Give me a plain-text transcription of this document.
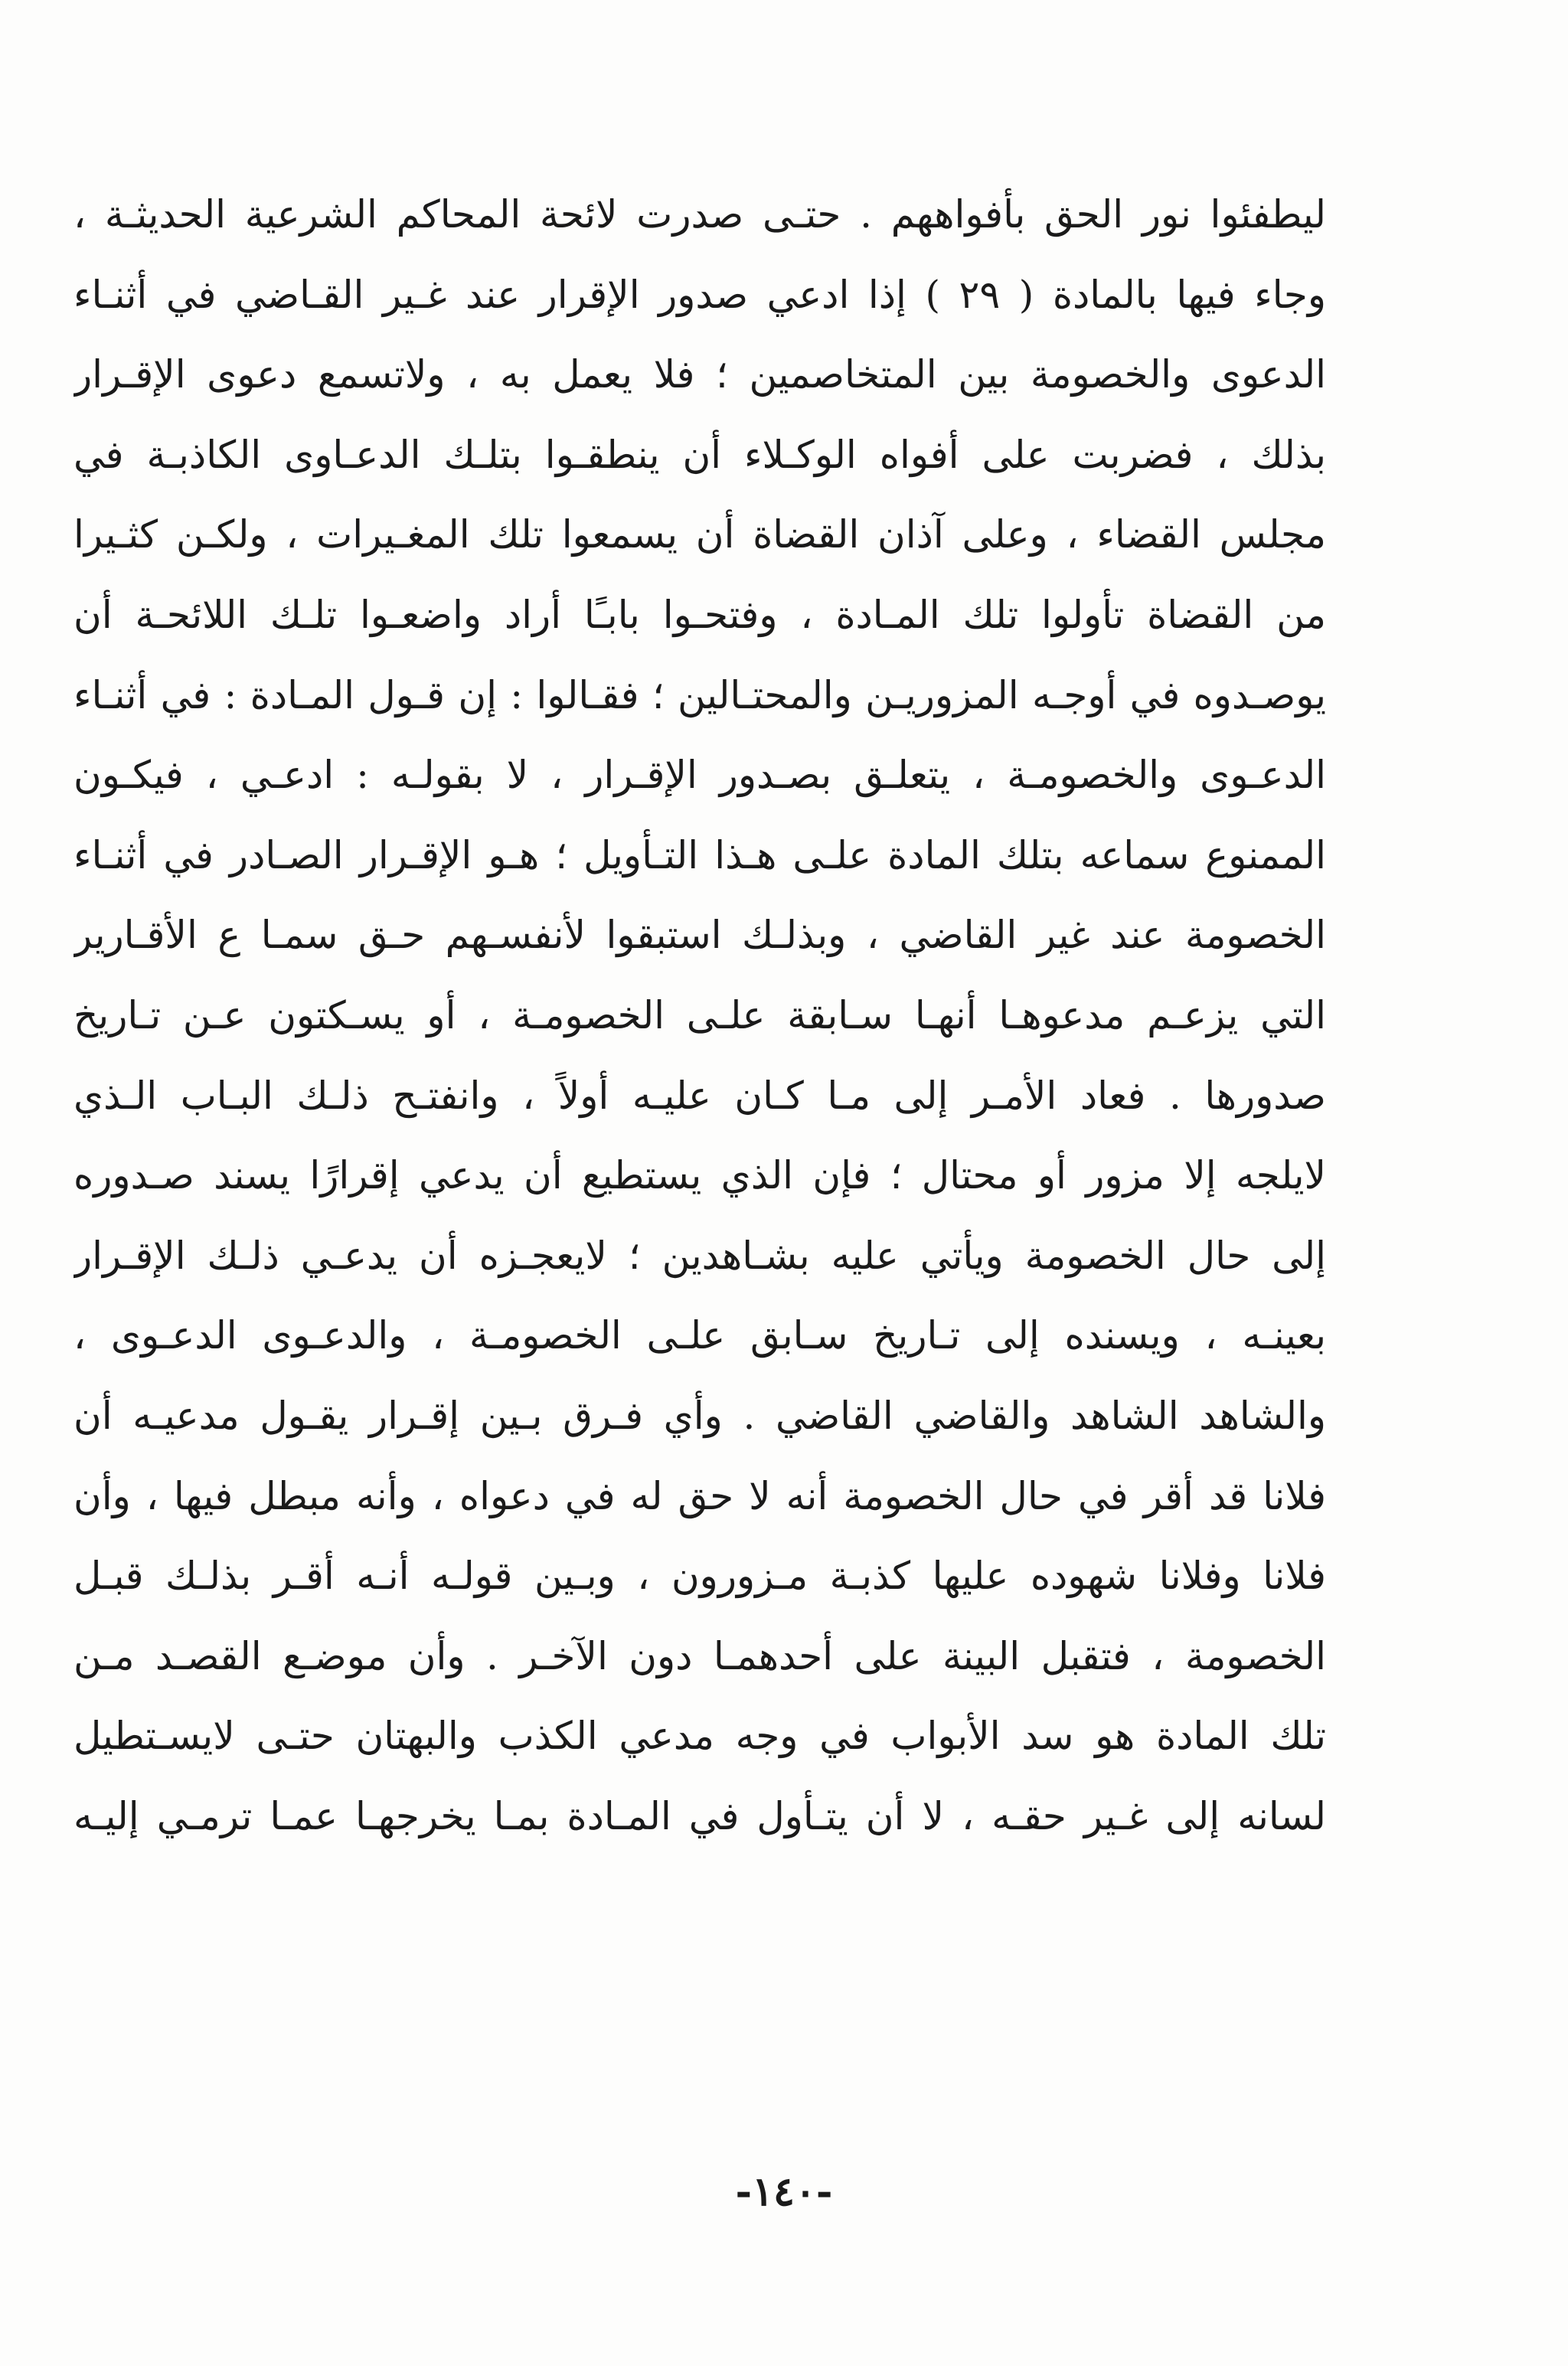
ليطفئوا نور الحق بأفواههم . حتـى صدرت لائحة المحاكم الشرعية الحديثـة ،
وجاء فيها بالمادة ( ٢٩ ) إذا ادعي صدور الإقرار عند غـير القـاضي في أثنـاء
الدعوى والخصومة بين المتخاصمين ؛ فلا يعمل به ، ولاتسمع دعوى الإقـرار
بذلك ، فضربت على أفواه الوكـلاء أن ينطقـوا بتلـك الدعـاوى الكاذبـة في
مجلس القضاء ، وعلى آذان القضاة أن يسمعوا تلك المغـيرات ، ولكـن كثـيرا
من القضاة تأولوا تلك المـادة ، وفتحـوا بابـًا أراد واضعـوا تلـك اللائحـة أن
يوصـدوه في أوجـه المزوريـن والمحتـالين ؛ فقـالوا : إن قـول المـادة : في أثنـاء
الدعـوى والخصومـة ، يتعلـق بصـدور الإقـرار ، لا بقولـه : ادعـي ، فيكـون
الممنوع سماعه بتلك المادة علـى هـذا التـأويل ؛ هـو الإقـرار الصـادر في أثنـاء
الخصومة عند غير القاضي ، وبذلـك استبقوا لأنفسـهم حـق سمـا ع الأقـارير
التي يزعـم مدعوهـا أنهـا سـابقة علـى الخصومـة ، أو يسـكتون عـن تـاريخ
صدورها . فعاد الأمـر إلى مـا كـان عليـه أولاً ، وانفتـح ذلـك البـاب الـذي
لايلجه إلا مزور أو محتال ؛ فإن الذي يستطيع أن يدعي إقرارًا يسند صـدوره
إلى حال الخصومة ويأتي عليه بشـاهدين ؛ لايعجـزه أن يدعـي ذلـك الإقـرار
بعينـه ، ويسنده إلى تـاريخ سـابق علـى الخصومـة ، والدعـوى الدعـوى ،
والشاهد الشاهد والقاضي القاضي . وأي فـرق بـين إقـرار يقـول مدعيـه أن
فلانا قد أقر في حال الخصومة أنه لا حق له في دعواه ، وأنه مبطل فيها ، وأن
فلانا وفلانا شهوده عليها كذبـة مـزورون ، وبـين قولـه أنـه أقـر بذلـك قبـل
الخصومة ، فتقبل البينة على أحدهمـا دون الآخـر . وأن موضـع القصـد مـن
تلك المادة هو سد الأبواب في وجه مدعي الكذب والبهتان حتـى لايسـتطيل
لسانه إلى غـير حقـه ، لا أن يتـأول في المـادة بمـا يخرجهـا عمـا ترمـي إليـه
-١٤٠-
